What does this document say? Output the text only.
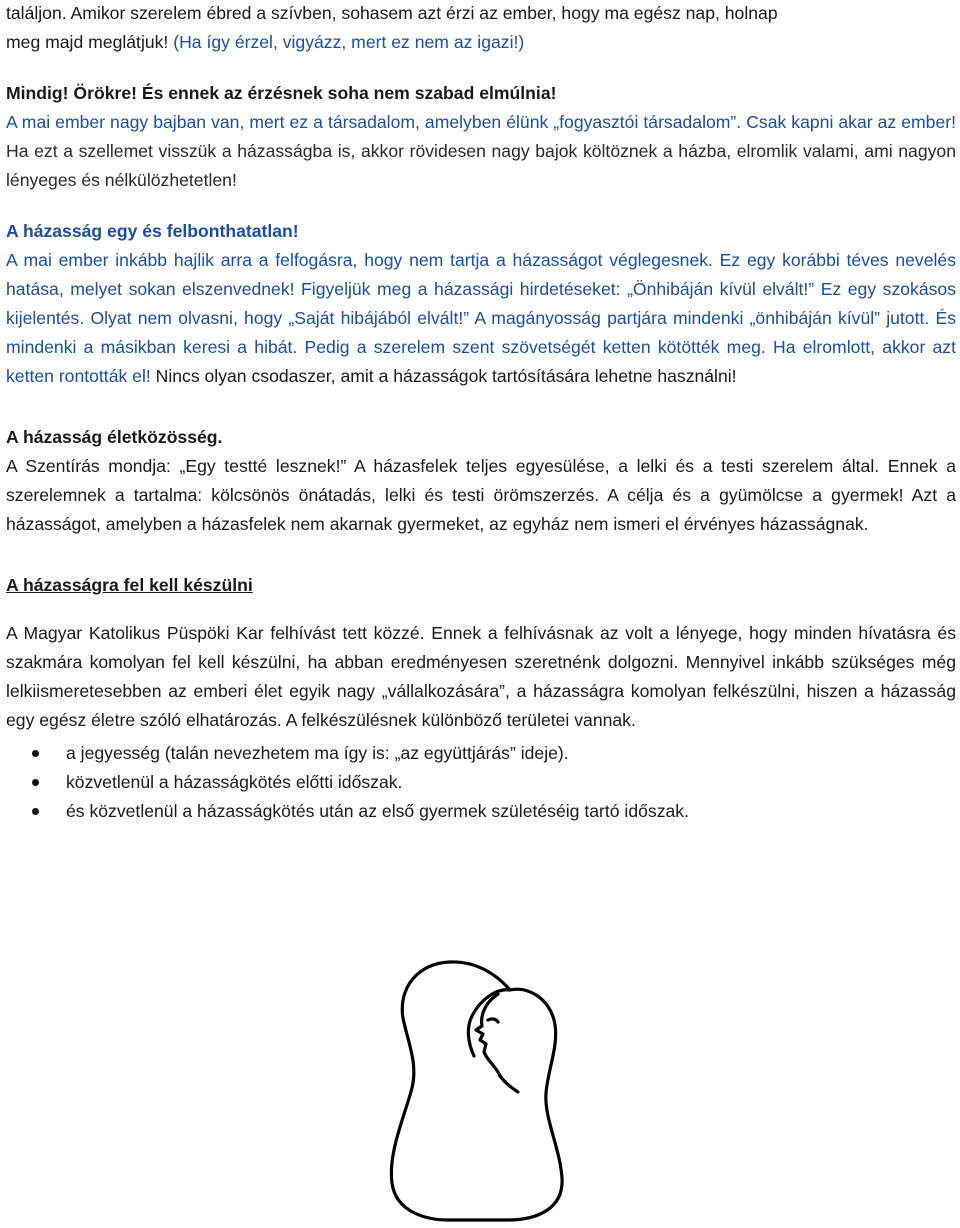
találjon. Amikor szerelem ébred a szívben, sohasem azt érzi az ember, hogy ma egész nap, holnap
meg majd meglátjuk! (Ha így érzel, vigyázz, mert ez nem az igazi!)

Mindig! Örökre! És ennek az érzésnek soha nem szabad elmúlnia!
A mai ember nagy bajban van, mert ez a társadalom, amelyben élünk „fogyasztói társadalom”. Csak kapni akar az ember! Ha ezt a szellemet visszük a házasságba is, akkor rövidesen nagy bajok költöznek a házba, elromlik valami, ami nagyon lényeges és nélkülözhetetlen!

A házasság egy és felbonthatatlan!

A mai ember inkább hajlik arra a felfogásra, hogy nem tartja a házasságot véglegesnek. Ez egy korábbi téves nevelés hatása, melyet sokan elszenvednek! Figyeljük meg a házassági hirdetéseket: „Önhibáján kívül elvált!” Ez egy szokásos kijelentés. Olyat nem olvasni, hogy „Saját hibájából elvált!” A magányosság partjára mindenki „önhibáján kívül” jutott. És mindenki a másikban keresi a hibát. Pedig a szerelem szent szövetségét ketten kötötték meg. Ha elromlott, akkor azt ketten rontották el! Nincs olyan csodaszer, amit a házasságok tartósítására lehetne használni!

A házasság életközösség.

A Szentírás mondja: „Egy testté lesznek!” A házasfelek teljes egyesülése, a lelki és a testi szerelem által. Ennek a szerelemnek a tartalma: kölcsönös önátadás, lelki és testi örömszerzés. A célja és a gyümölcse a gyermek! Azt a házasságot, amelyben a házasfelek nem akarnak gyermeket, az egyház nem ismeri el érvényes házasságnak.

A házasságra fel kell készülni

A Magyar Katolikus Püspöki Kar felhívást tett közzé. Ennek a felhívásnak az volt a lényege, hogy minden hívatásra és szakmára komolyan fel kell készülni, ha abban eredményesen szeretnénk dolgozni. Mennyivel inkább szükséges még lelkiismeretesebben az emberi élet egyik nagy „vállalkozására”, a házasságra komolyan felkészülni, hiszen a házasság egy egész életre szóló elhatározás. A felkészülésnek különböző területei vannak.

a jegyesség (talán nevezhetem ma így is: „az együttjárás” ideje).
közvetlenül a házasságkötés előtti időszak.
és közvetlenül a házasságkötés után az első gyermek születéséig tartó időszak.
